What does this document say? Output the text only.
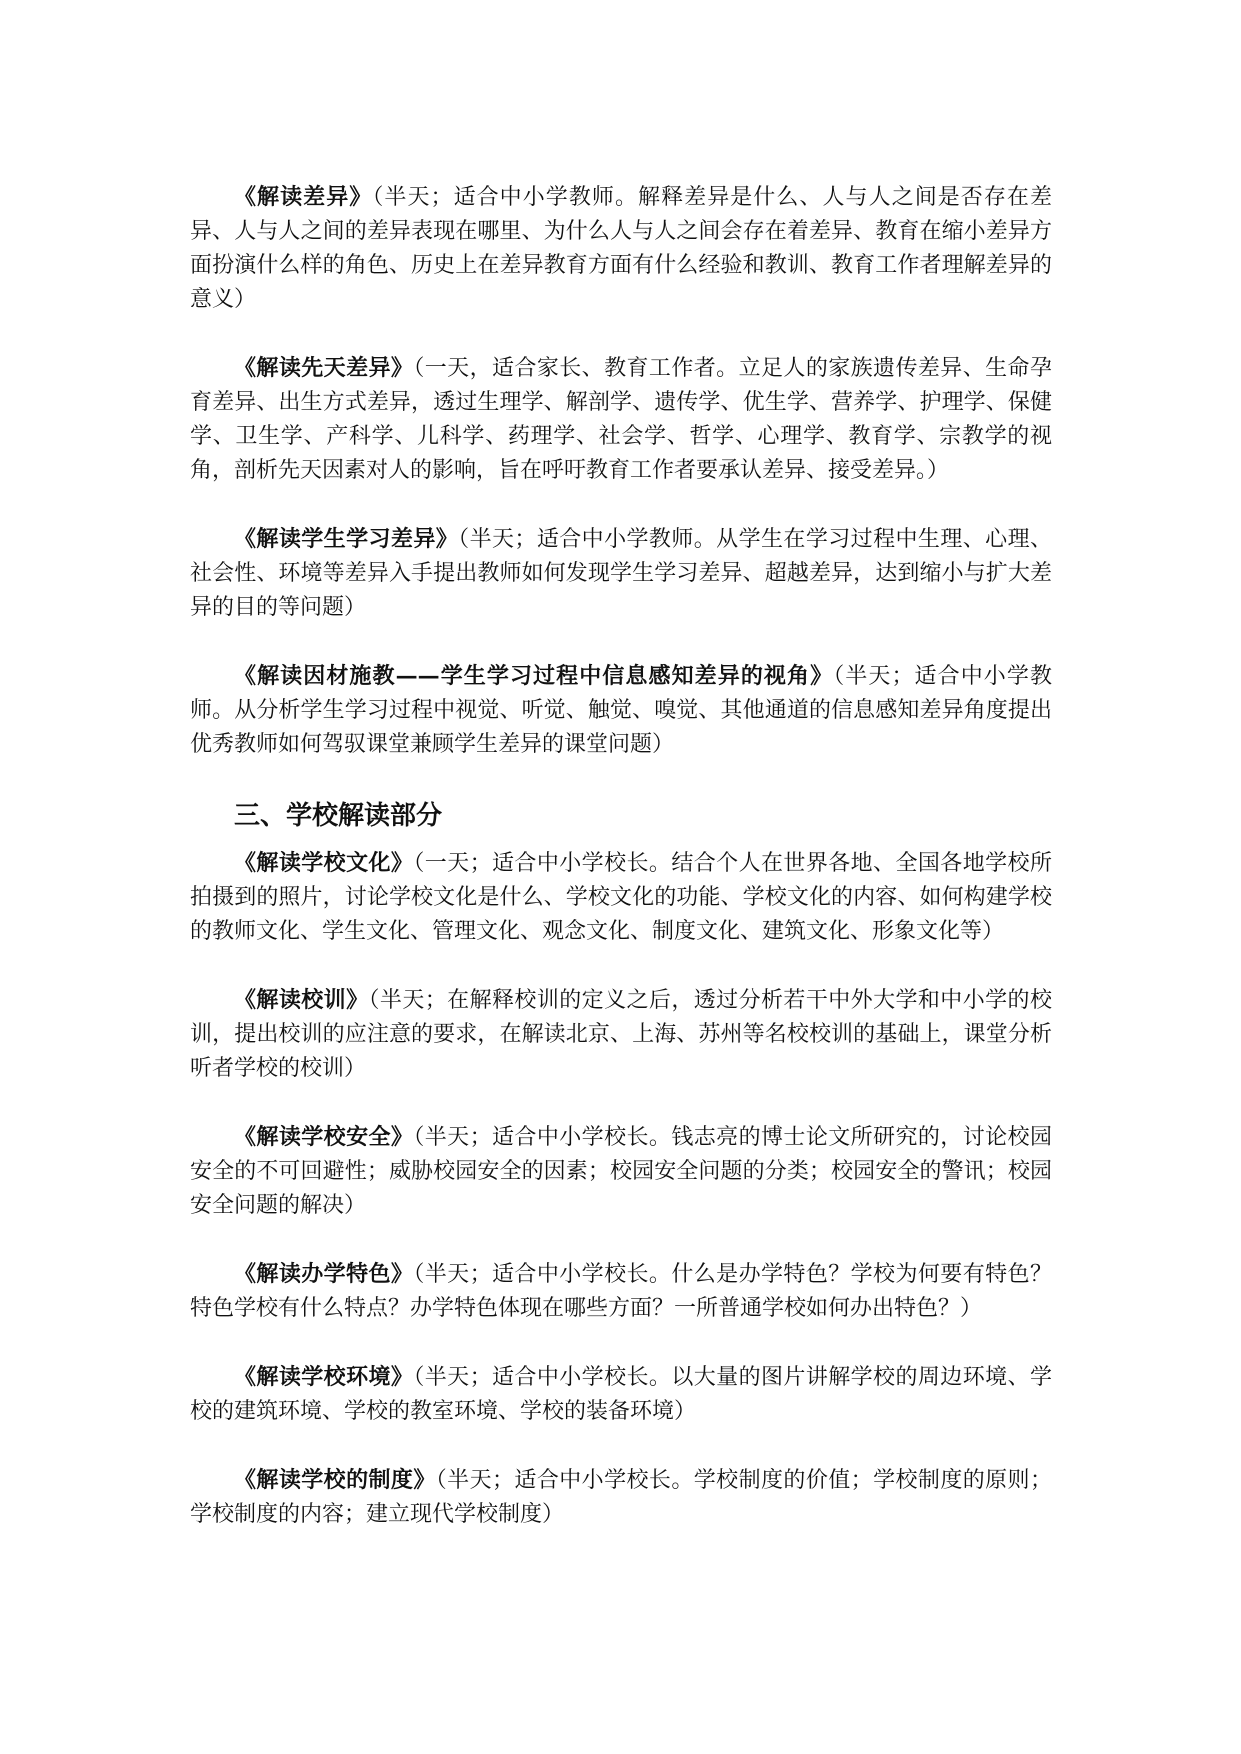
《解读差异》（半天；适合中小学教师。解释差异是什么、人与人之间是否存在差异、人与人之间的差异表现在哪里、为什么人与人之间会存在着差异、教育在缩小差异方面扮演什么样的角色、历史上在差异教育方面有什么经验和教训、教育工作者理解差异的意义）

《解读先天差异》（一天，适合家长、教育工作者。立足人的家族遗传差异、生命孕育差异、出生方式差异，透过生理学、解剖学、遗传学、优生学、营养学、护理学、保健学、卫生学、产科学、儿科学、药理学、社会学、哲学、心理学、教育学、宗教学的视角，剖析先天因素对人的影响，旨在呼吁教育工作者要承认差异、接受差异。）

《解读学生学习差异》（半天；适合中小学教师。从学生在学习过程中生理、心理、社会性、环境等差异入手提出教师如何发现学生学习差异、超越差异，达到缩小与扩大差异的目的等问题）

《解读因材施教——学生学习过程中信息感知差异的视角》（半天；适合中小学教师。从分析学生学习过程中视觉、听觉、触觉、嗅觉、其他通道的信息感知差异角度提出优秀教师如何驾驭课堂兼顾学生差异的课堂问题）

三、学校解读部分

《解读学校文化》（一天；适合中小学校长。结合个人在世界各地、全国各地学校所拍摄到的照片，讨论学校文化是什么、学校文化的功能、学校文化的内容、如何构建学校的教师文化、学生文化、管理文化、观念文化、制度文化、建筑文化、形象文化等）

《解读校训》（半天；在解释校训的定义之后，透过分析若干中外大学和中小学的校训，提出校训的应注意的要求，在解读北京、上海、苏州等名校校训的基础上，课堂分析听者学校的校训）

《解读学校安全》（半天；适合中小学校长。钱志亮的博士论文所研究的，讨论校园安全的不可回避性；威胁校园安全的因素；校园安全问题的分类；校园安全的警讯；校园安全问题的解决）

《解读办学特色》（半天；适合中小学校长。什么是办学特色？学校为何要有特色？特色学校有什么特点？办学特色体现在哪些方面？一所普通学校如何办出特色？）

《解读学校环境》（半天；适合中小学校长。以大量的图片讲解学校的周边环境、学校的建筑环境、学校的教室环境、学校的装备环境）

《解读学校的制度》（半天；适合中小学校长。学校制度的价值；学校制度的原则；学校制度的内容；建立现代学校制度）
